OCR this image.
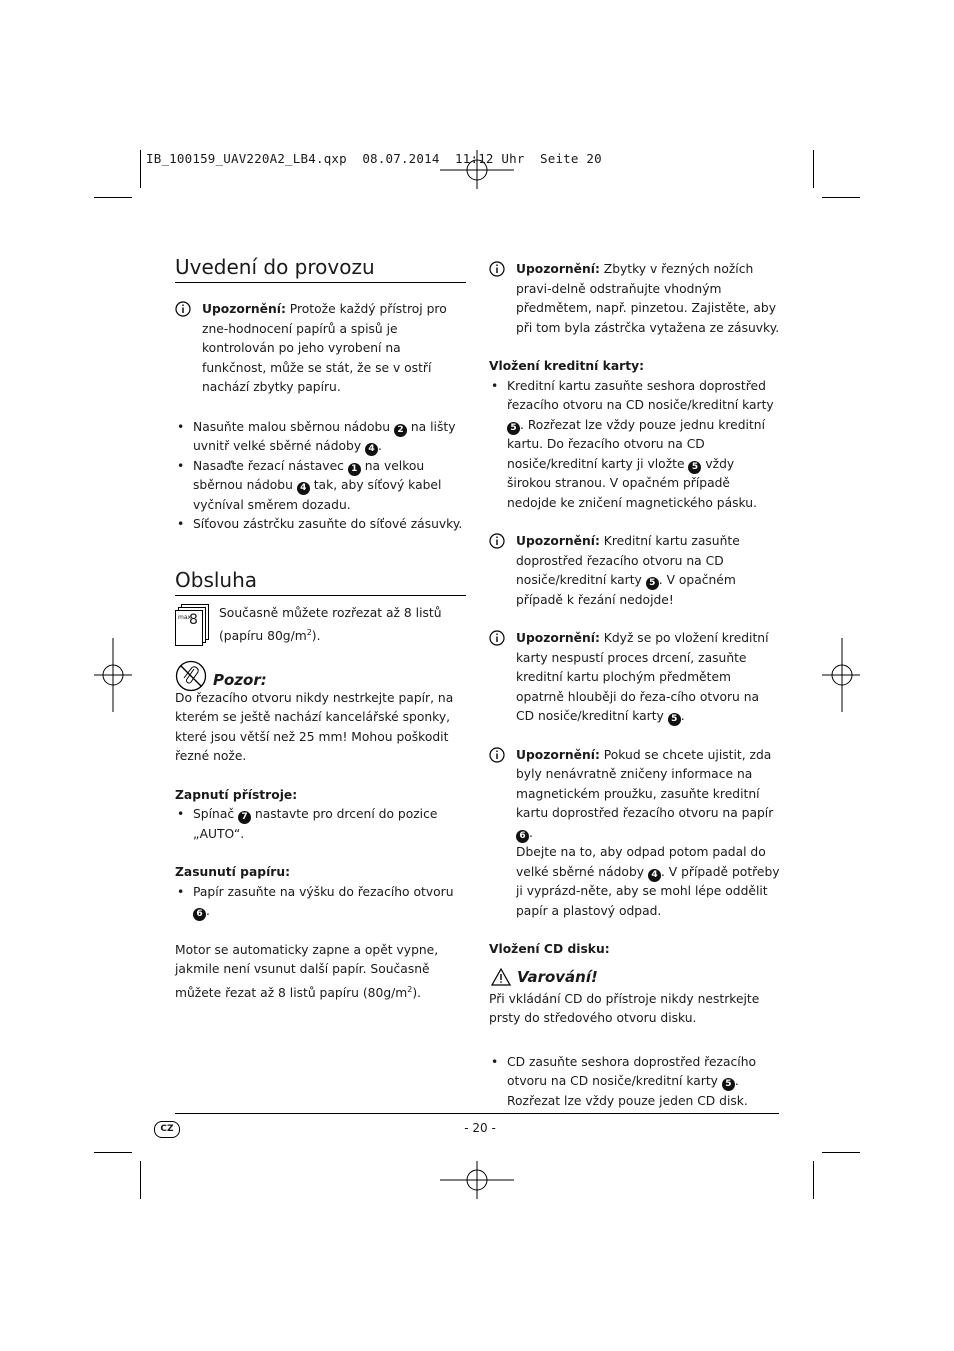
IB_100159_UAV220A2_LB4.qxp  08.07.2014  11:12 Uhr  Seite 20
Uvedení do provozu
Upozornění: Protože každý přístroj pro zne-hodnocení papírů a spisů je kontrolován po jeho vyrobení na funkčnost, může se stát, že se v ostří nachází zbytky papíru.
• Nasuňte malou sběrnou nádobu 2 na lišty uvnitř velké sběrné nádoby 4 .
• Nasaďte řezací nástavec 1 na velkou sběrnou nádobu 4 tak, aby síťový kabel vyčníval směrem dozadu.
• Síťovou zástrčku zasuňte do síťové zásuvky.
Obsluha
max.
8 Současně můžete rozřezat až 8 listů (papíru $80g/m^2$).
Pozor:
Do řezacího otvoru nikdy nestrkejte papír, na kterém se ještě nachází kancelářské sponky, které jsou větší než 25 mm! Mohou poškodit řezné nože.
Zapnutí přístroje:
• Spínač 7 nastavte pro drcení do pozice „AUTO“.
Zasunutí papíru:
• Papír zasuňte na výšku do řezacího otvoru 6 .
Motor se automaticky zapne a opět vypne, jakmile není vsunut další papír. Současně můžete řezat až 8 listů papíru $(80g/m^2)$.
Upozornění: Zbytky v řezných nožích pravi-delně odstraňujte vhodným předmětem, např. pinzetou. Zajistěte, aby při tom byla zástrčka vytažena ze zásuvky.
Vložení kreditní karty:
• Kreditní kartu zasuňte seshora doprostřed řezacího otvoru na CD nosiče/kreditní karty 5 . Rozřezat lze vždy pouze jednu kreditní kartu. Do řezacího otvoru na CD nosiče/kreditní karty ji vložte 5 vždy širokou stranou. V opačném případě nedojde ke zničení magnetického pásku.
Upozornění: Kreditní kartu zasuňte doprostřed řezacího otvoru na CD nosiče/kreditní karty 5 . V opačném případě k řezání nedojde!
Upozornění: Když se po vložení kreditní karty nespustí proces drcení, zasuňte kreditní kartu plochým předmětem opatrně hlouběji do řeza-cího otvoru na CD nosiče/kreditní karty 5 .
Upozornění: Pokud se chcete ujistit, zda byly nenávratně zničeny informace na magnetickém proužku, zasuňte kreditní kartu doprostřed řezacího otvoru na papír 6 .
Dbejte na to, aby odpad potom padal do velké sběrné nádoby 4 . V případě potřeby ji vyprázd-něte, aby se mohl lépe oddělit papír a plastový odpad.
Vložení CD disku:
Varování!
Při vkládání CD do přístroje nikdy nestrkejte prsty do středového otvoru disku.
• CD zasuňte seshora doprostřed řezacího otvoru na CD nosiče/kreditní karty 5 . Rozřezat lze vždy pouze jeden CD disk.
CZ	- 20 -
